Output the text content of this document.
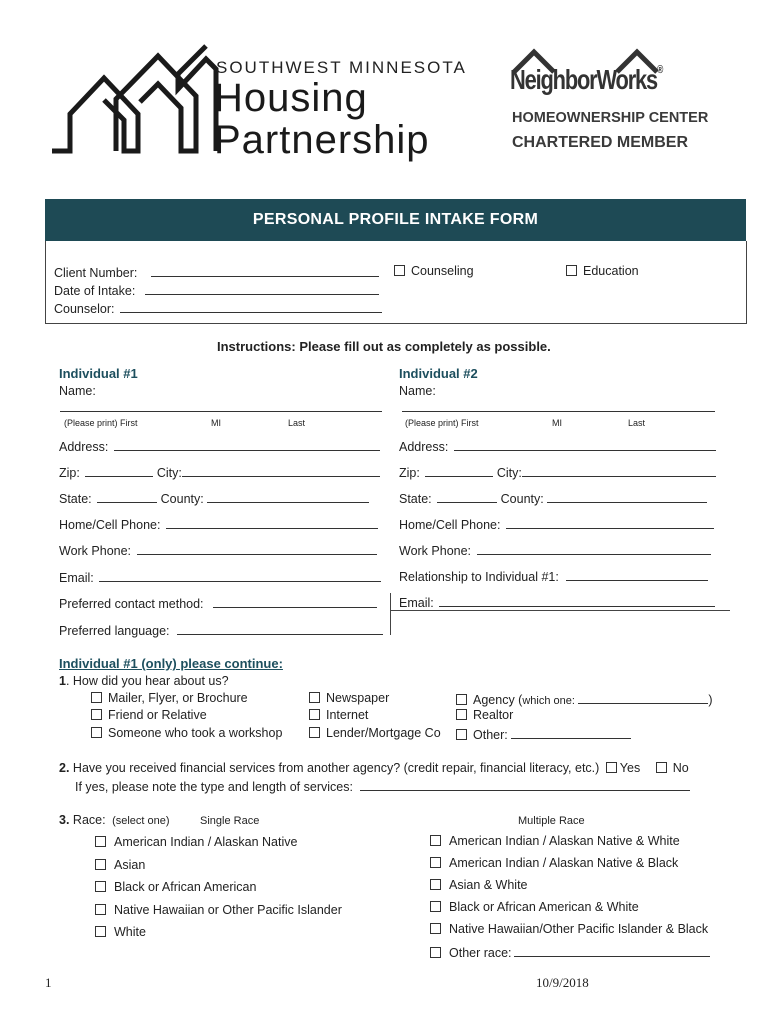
SOUTHWEST MINNESOTA
Housing
Partnership
NeighborWorks®
HOMEOWNERSHIP CENTER
CHARTERED MEMBER
PERSONAL PROFILE INTAKE FORM
Client Number:
Date of Intake:
Counselor:
Counseling	Education
Instructions: Please fill out as completely as possible.
Individual #1
Name:
(Please print) First	MI	Last
Address:
Zip:	City:
State:	County:
Home/Cell Phone:
Work Phone:
Email:
Preferred contact method:
Preferred language:
Individual #2
Name:
(Please print) First	MI	Last
Address:
Zip:	City:
State:	County:
Home/Cell Phone:
Work Phone:
Relationship to Individual #1:
Email:
Individual #1 (only) please continue:
1. How did you hear about us?
Mailer, Flyer, or Brochure
Friend or Relative
Someone who took a workshop
Newspaper
Internet
Lender/Mortgage Co
Agency (which one:	)
Realtor
Other:
2. Have you received financial services from another agency? (credit repair, financial literacy, etc.) Yes	No
If yes, please note the type and length of services:
3. Race: (select one)	Single Race	Multiple Race
American Indian / Alaskan Native
Asian
Black or African American
Native Hawaiian or Other Pacific Islander
White
American Indian / Alaskan Native & White
American Indian / Alaskan Native & Black
Asian & White
Black or African American & White
Native Hawaiian/Other Pacific Islander & Black
Other race:
1	10/9/2018
